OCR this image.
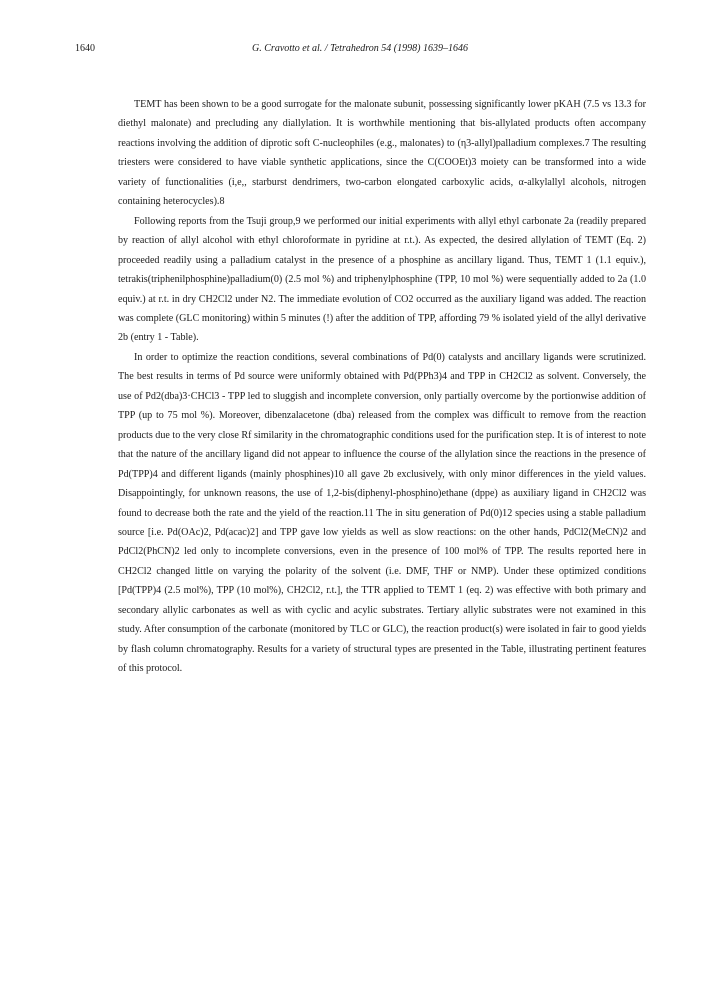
1640	G. Cravotto et al. / Tetrahedron 54 (1998) 1639–1646

TEMT has been shown to be a good surrogate for the malonate subunit, possessing significantly lower pKAH (7.5 vs 13.3 for diethyl malonate) and precluding any diallylation. It is worthwhile mentioning that bis-allylated products often accompany reactions involving the addition of diprotic soft C-nucleophiles (e.g., malonates) to (η3-allyl)palladium complexes.7 The resulting triesters were considered to have viable synthetic applications, since the C(COOEt)3 moiety can be transformed into a wide variety of functionalities (i,e,, starburst dendrimers, two-carbon elongated carboxylic acids, α-alkylallyl alcohols, nitrogen containing heterocycles).8

Following reports from the Tsuji group,9 we performed our initial experiments with allyl ethyl carbonate 2a (readily prepared by reaction of allyl alcohol with ethyl chloroformate in pyridine at r.t.). As expected, the desired allylation of TEMT (Eq. 2) proceeded readily using a palladium catalyst in the presence of a phosphine as ancillary ligand. Thus, TEMT 1 (1.1 equiv.), tetrakis(triphenilphosphine)palladium(0) (2.5 mol %) and triphenylphosphine (TPP, 10 mol %) were sequentially added to 2a (1.0 equiv.) at r.t. in dry CH2Cl2 under N2. The immediate evolution of CO2 occurred as the auxiliary ligand was added. The reaction was complete (GLC monitoring) within 5 minutes (!) after the addition of TPP, affording 79 % isolated yield of the allyl derivative 2b (entry 1 - Table).

In order to optimize the reaction conditions, several combinations of Pd(0) catalysts and ancillary ligands were scrutinized. The best results in terms of Pd source were uniformly obtained with Pd(PPh3)4 and TPP in CH2Cl2 as solvent. Conversely, the use of Pd2(dba)3·CHCl3 - TPP led to sluggish and incomplete conversion, only partially overcome by the portionwise addition of TPP (up to 75 mol %). Moreover, dibenzalacetone (dba) released from the complex was difficult to remove from the reaction products due to the very close Rf similarity in the chromatographic conditions used for the purification step. It is of interest to note that the nature of the ancillary ligand did not appear to influence the course of the allylation since the reactions in the presence of Pd(TPP)4 and different ligands (mainly phosphines)10 all gave 2b exclusively, with only minor differences in the yield values. Disappointingly, for unknown reasons, the use of 1,2-bis(diphenyl-phosphino)ethane (dppe) as auxiliary ligand in CH2Cl2 was found to decrease both the rate and the yield of the reaction.11 The in situ generation of Pd(0)12 species using a stable palladium source [i.e. Pd(OAc)2, Pd(acac)2] and TPP gave low yields as well as slow reactions: on the other hands, PdCl2(MeCN)2 and PdCl2(PhCN)2 led only to incomplete conversions, even in the presence of 100 mol% of TPP. The results reported here in CH2Cl2 changed little on varying the polarity of the solvent (i.e. DMF, THF or NMP). Under these optimized conditions [Pd(TPP)4 (2.5 mol%), TPP (10 mol%), CH2Cl2, r.t.], the TTR applied to TEMT 1 (eq. 2) was effective with both primary and secondary allylic carbonates as well as with cyclic and acylic substrates. Tertiary allylic substrates were not examined in this study. After consumption of the carbonate (monitored by TLC or GLC), the reaction product(s) were isolated in fair to good yields by flash column chromatography. Results for a variety of structural types are presented in the Table, illustrating pertinent features of this protocol.
